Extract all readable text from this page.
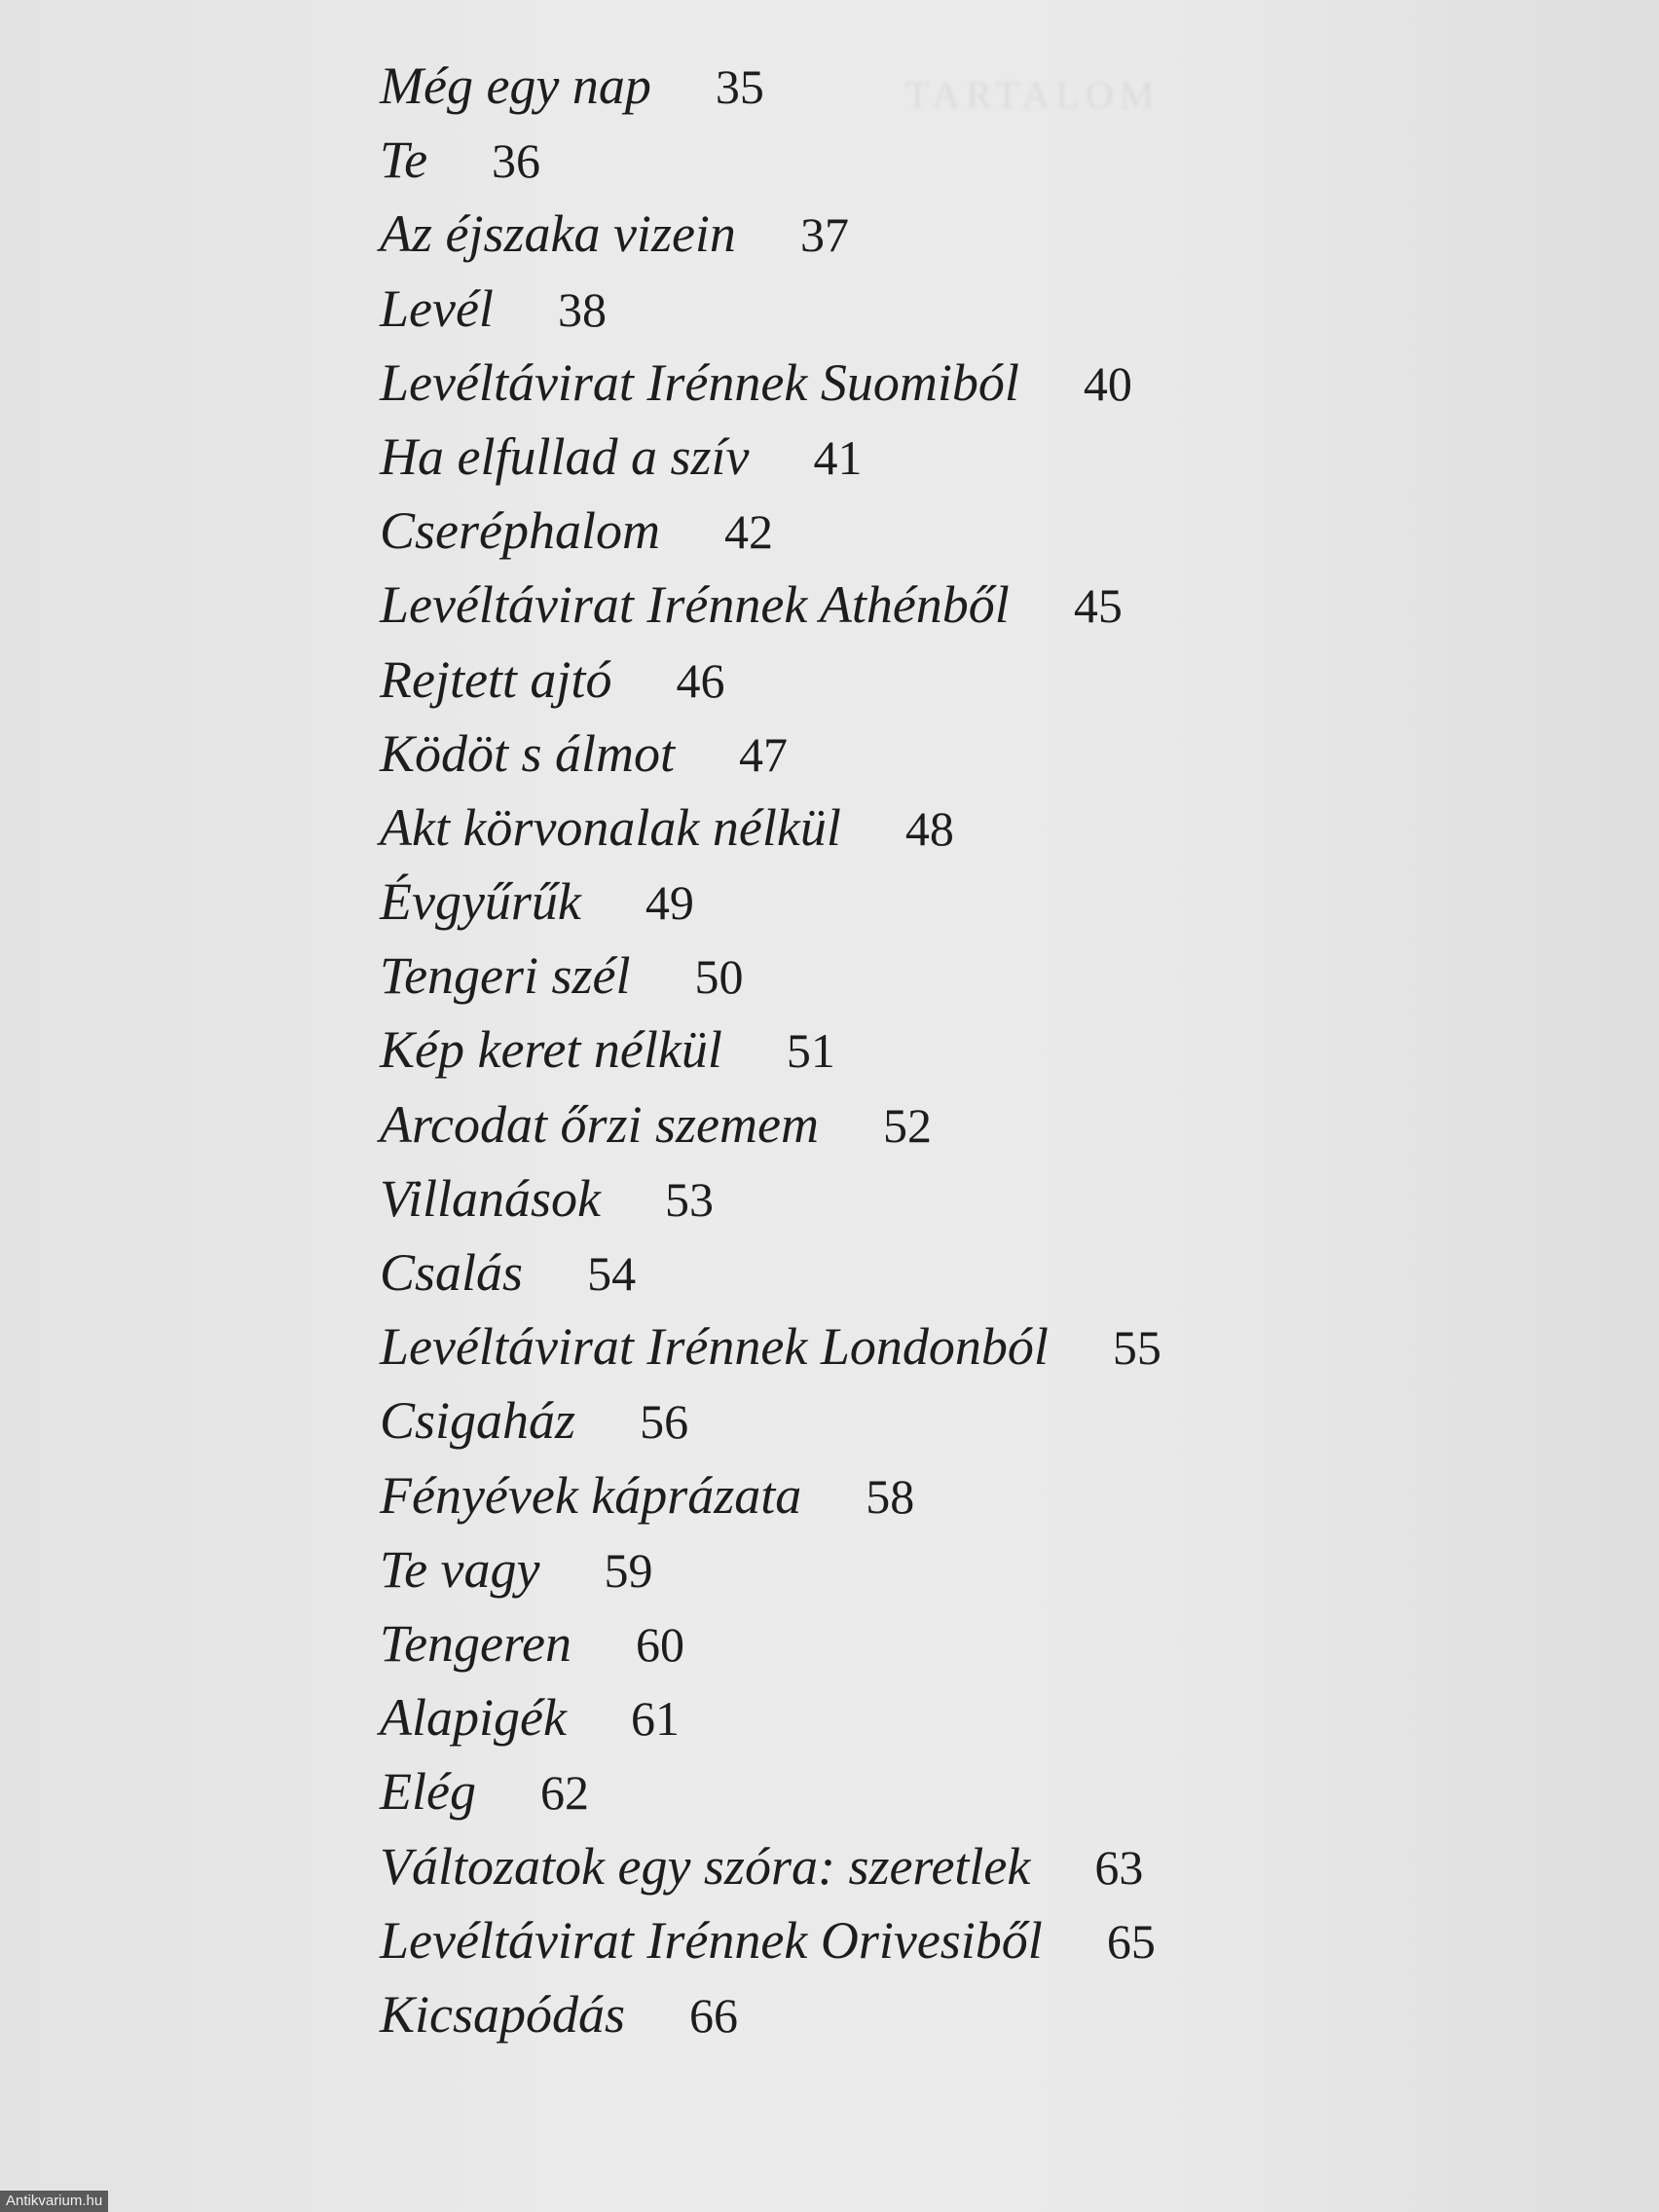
TARTALOM

Még egy nap 35
Te 36
Az éjszaka vizein 37
Levél 38
Levéltávirat Irénnek Suomiból 40
Ha elfullad a szív 41
Cseréphalom 42
Levéltávirat Irénnek Athénből 45
Rejtett ajtó 46
Ködöt s álmot 47
Akt körvonalak nélkül 48
Évgyűrűk 49
Tengeri szél 50
Kép keret nélkül 51
Arcodat őrzi szemem 52
Villanások 53
Csalás 54
Levéltávirat Irénnek Londonból 55
Csigaház 56
Fényévek káprázata 58
Te vagy 59
Tengeren 60
Alapigék 61
Elég 62
Változatok egy szóra: szeretlek 63
Levéltávirat Irénnek Orivesiből 65
Kicsapódás 66
Antikvarium.hu
